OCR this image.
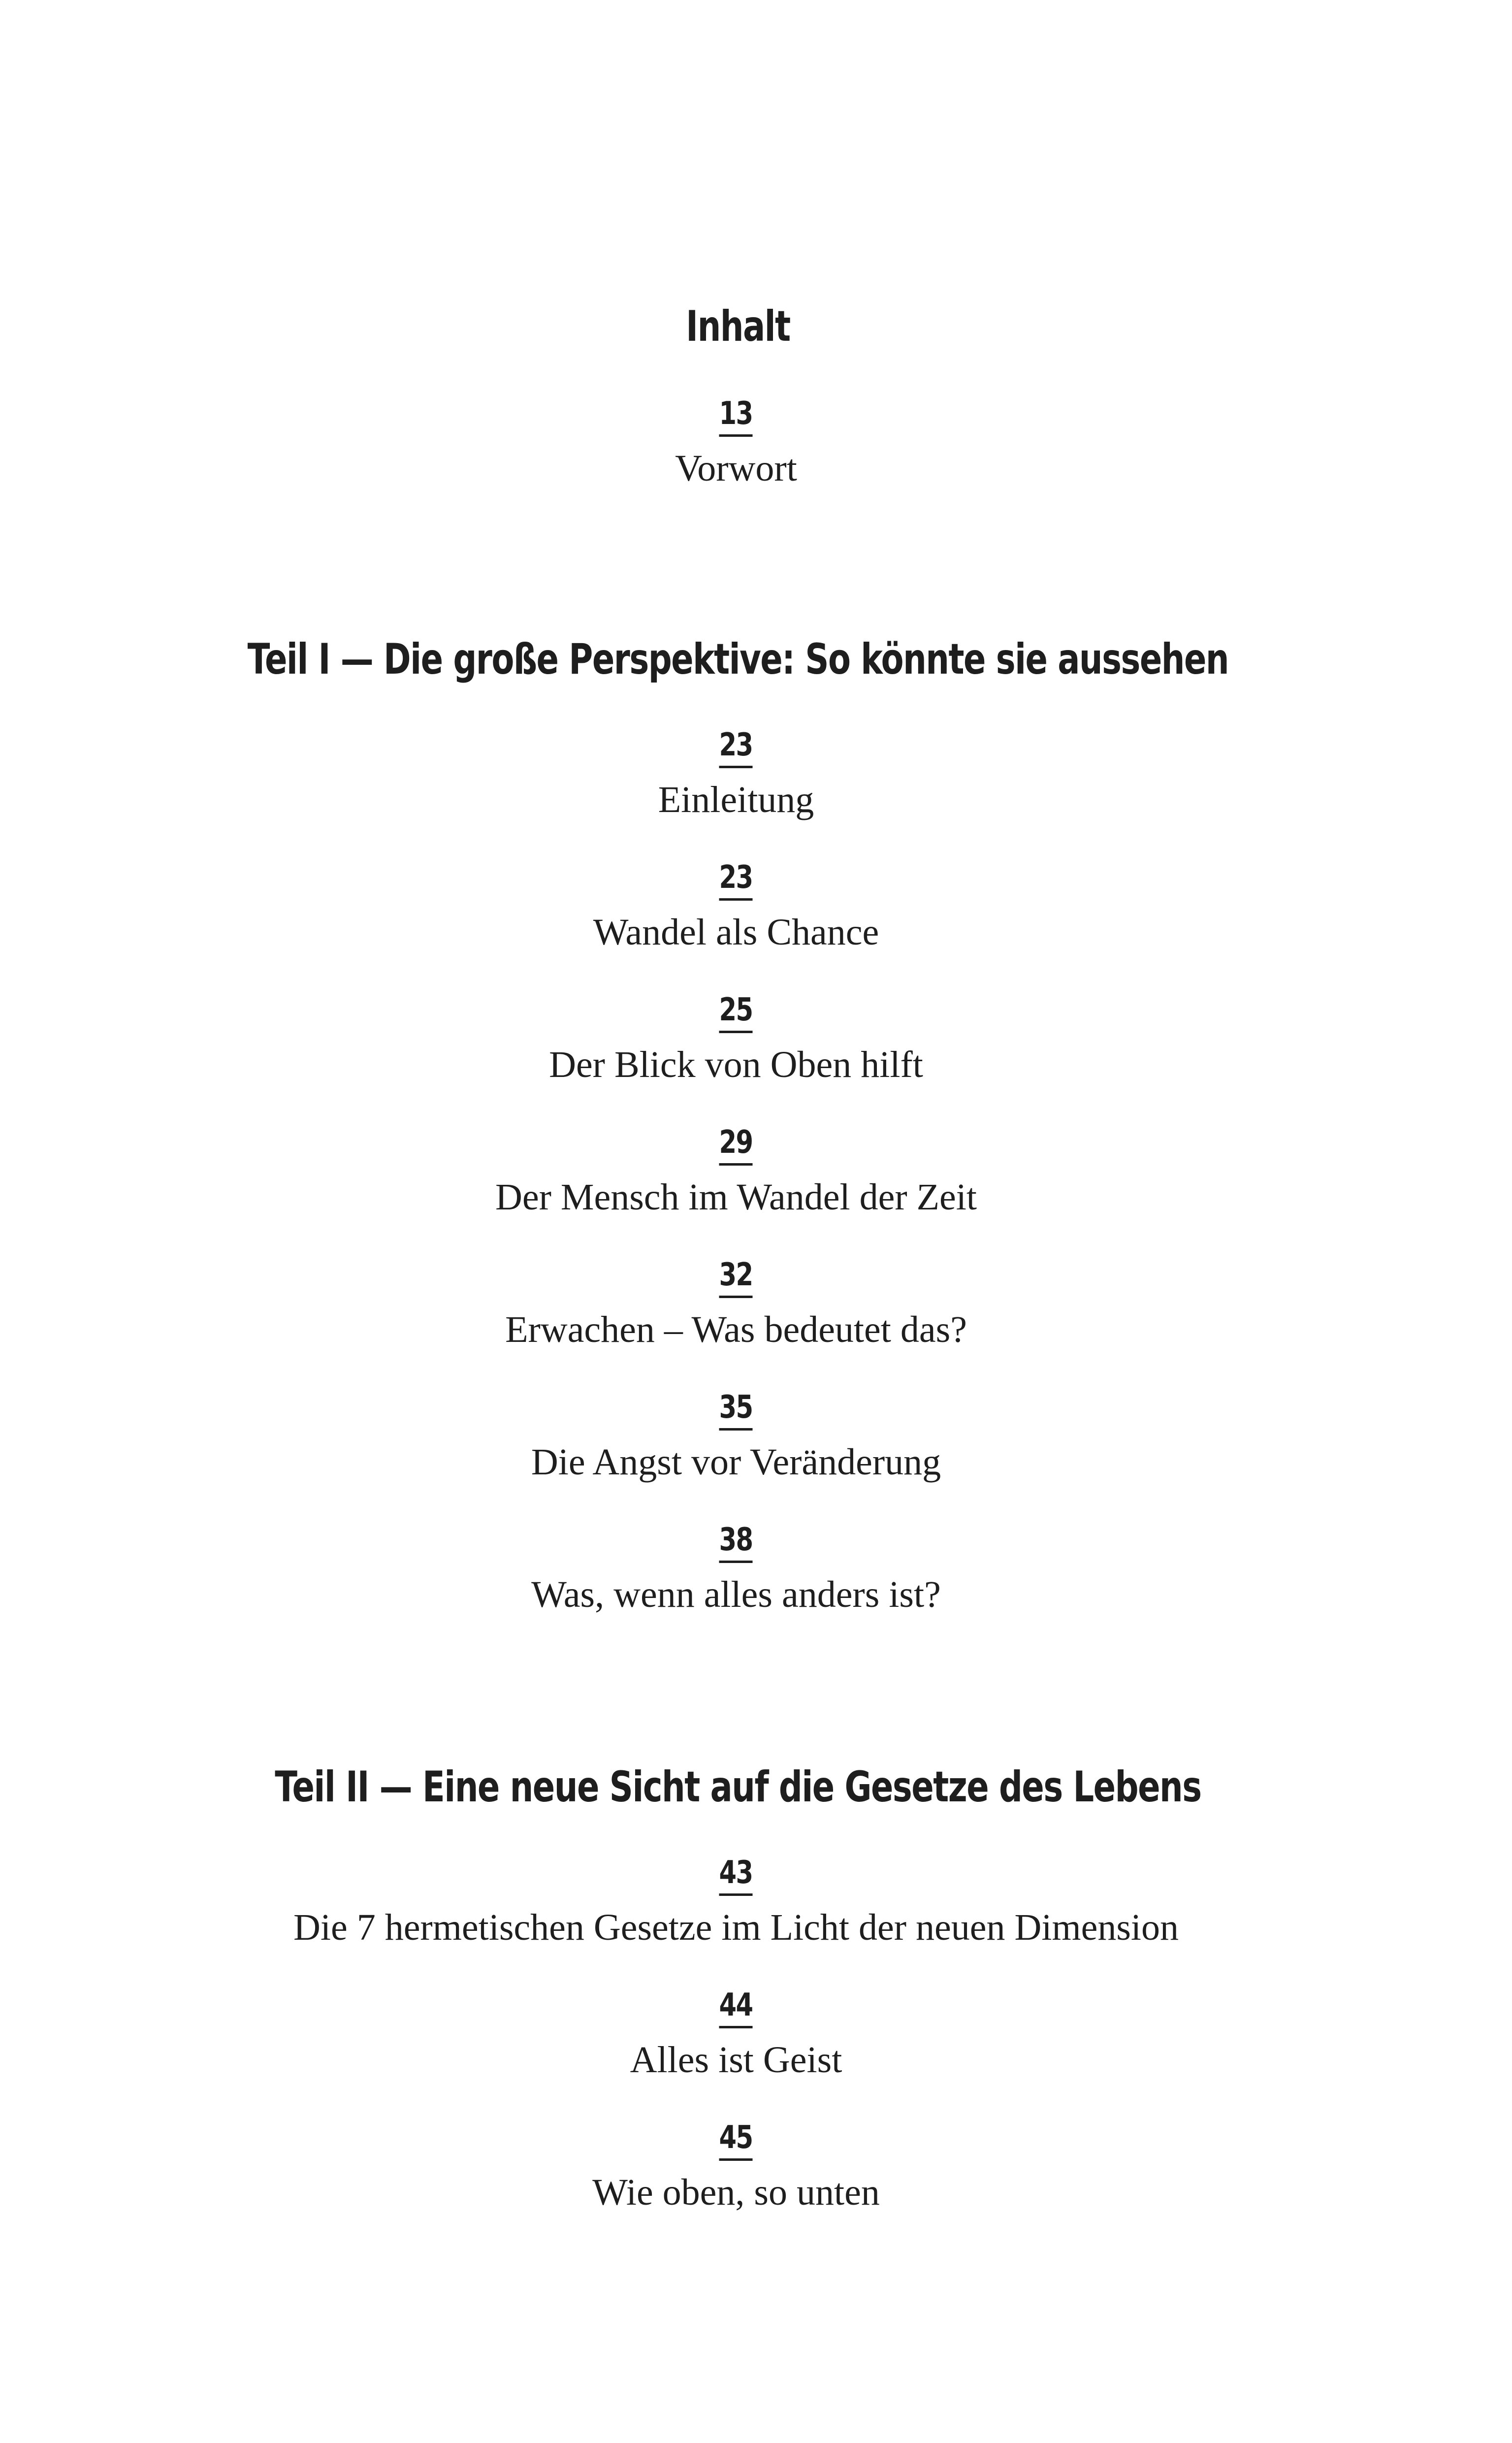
Inhalt
13
Vorwort
Teil I — Die große Perspektive: So könnte sie aussehen
23
Einleitung
23
Wandel als Chance
25
Der Blick von Oben hilft
29
Der Mensch im Wandel der Zeit
32
Erwachen – Was bedeutet das?
35
Die Angst vor Veränderung
38
Was, wenn alles anders ist?
Teil II — Eine neue Sicht auf die Gesetze des Lebens
43
Die 7 hermetischen Gesetze im Licht der neuen Dimension
44
Alles ist Geist
45
Wie oben, so unten
